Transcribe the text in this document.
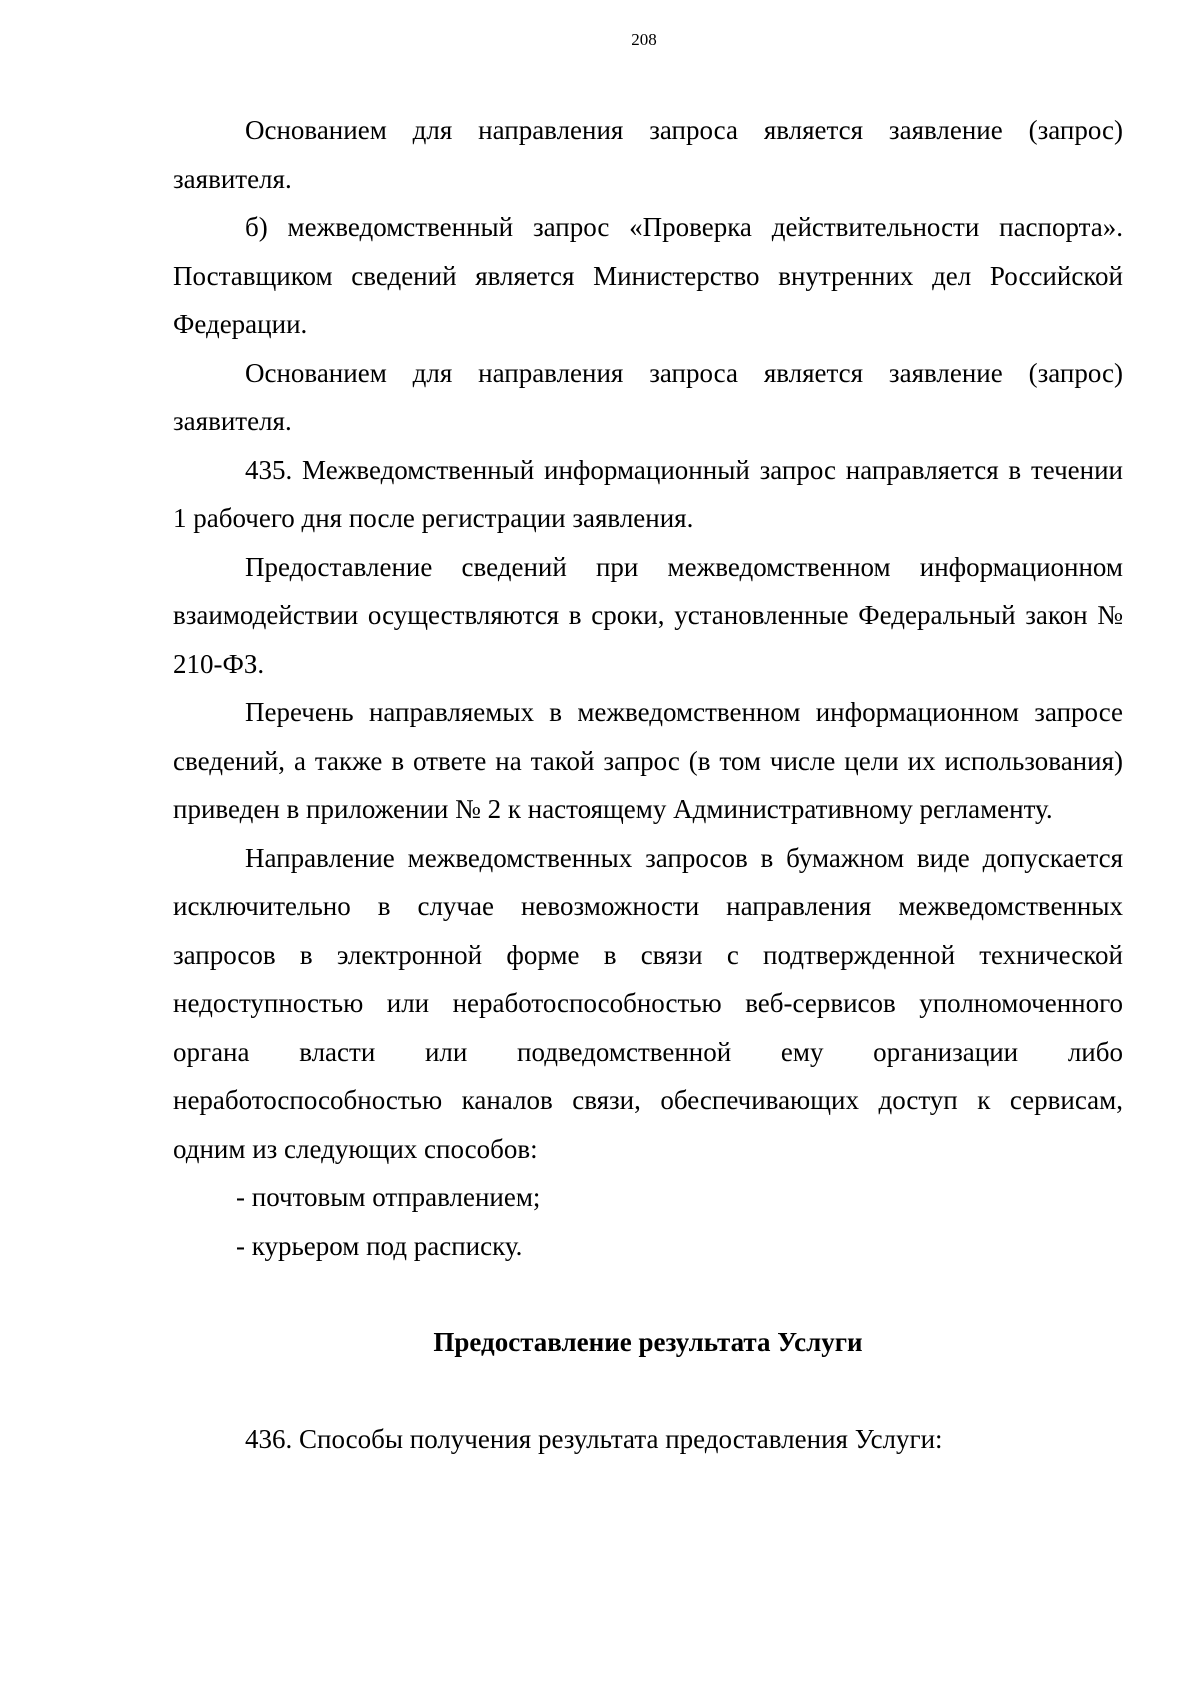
208

Основанием для направления запроса является заявление (запрос) заявителя.

б) межведомственный запрос «Проверка действительности паспорта». Поставщиком сведений является Министерство внутренних дел Российской Федерации.

Основанием для направления запроса является заявление (запрос) заявителя.

435. Межведомственный информационный запрос направляется в течении 1 рабочего дня после регистрации заявления.

Предоставление сведений при межведомственном информационном взаимодействии осуществляются в сроки, установленные Федеральный закон № 210-ФЗ.

Перечень направляемых в межведомственном информационном запросе сведений, а также в ответе на такой запрос (в том числе цели их использования) приведен в приложении № 2 к настоящему Административному регламенту.

Направление межведомственных запросов в бумажном виде допускается исключительно в случае невозможности направления межведомственных запросов в электронной форме в связи с подтвержденной технической недоступностью или неработоспособностью веб-сервисов уполномоченного органа власти или подведомственной ему организации либо неработоспособностью каналов связи, обеспечивающих доступ к сервисам, одним из следующих способов:

- почтовым отправлением;

- курьером под расписку.

Предоставление результата Услуги

436. Способы получения результата предоставления Услуги:
